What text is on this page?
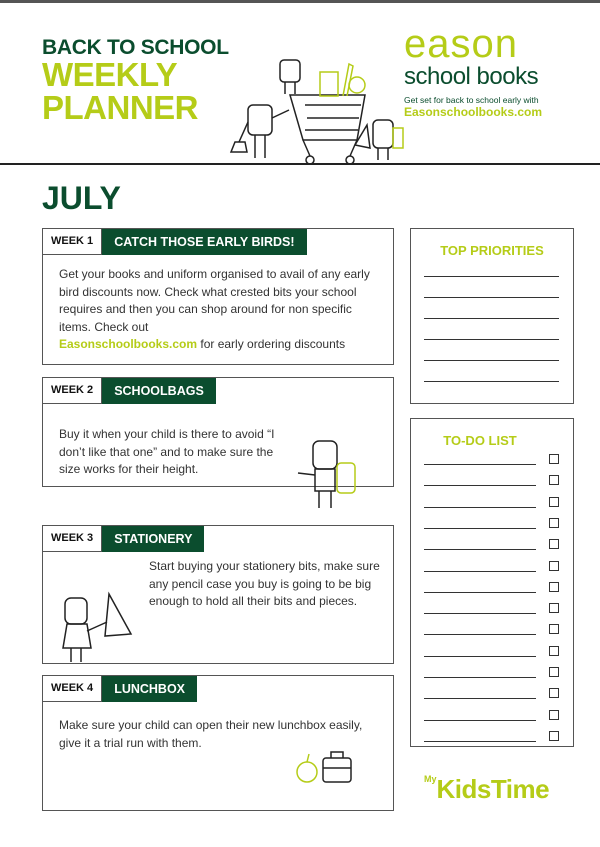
BACK TO SCHOOL
WEEKLY
PLANNER
eason
school books
Get set for back to school early with
Easonschoolbooks.com
JULY
WEEK 1	CATCH THOSE EARLY BIRDS!
Get your books and uniform organised to avail of any early bird discounts now. Check what crested bits your school requires and then you can shop around for non specific items. Check out
Easonschoolbooks.com for early ordering discounts
WEEK 2	SCHOOLBAGS
Buy it when your child is there to avoid “I don’t like that one” and to make sure the size works for their height.
WEEK 3	STATIONERY
Start buying your stationery bits, make sure any pencil case you buy is going to be big enough to hold all their bits and pieces.
WEEK 4	LUNCHBOX
Make sure your child can open their new lunchbox easily, give it a trial run with them.
TOP PRIORITIES
TO-DO LIST
$^{My}$KidsTime
